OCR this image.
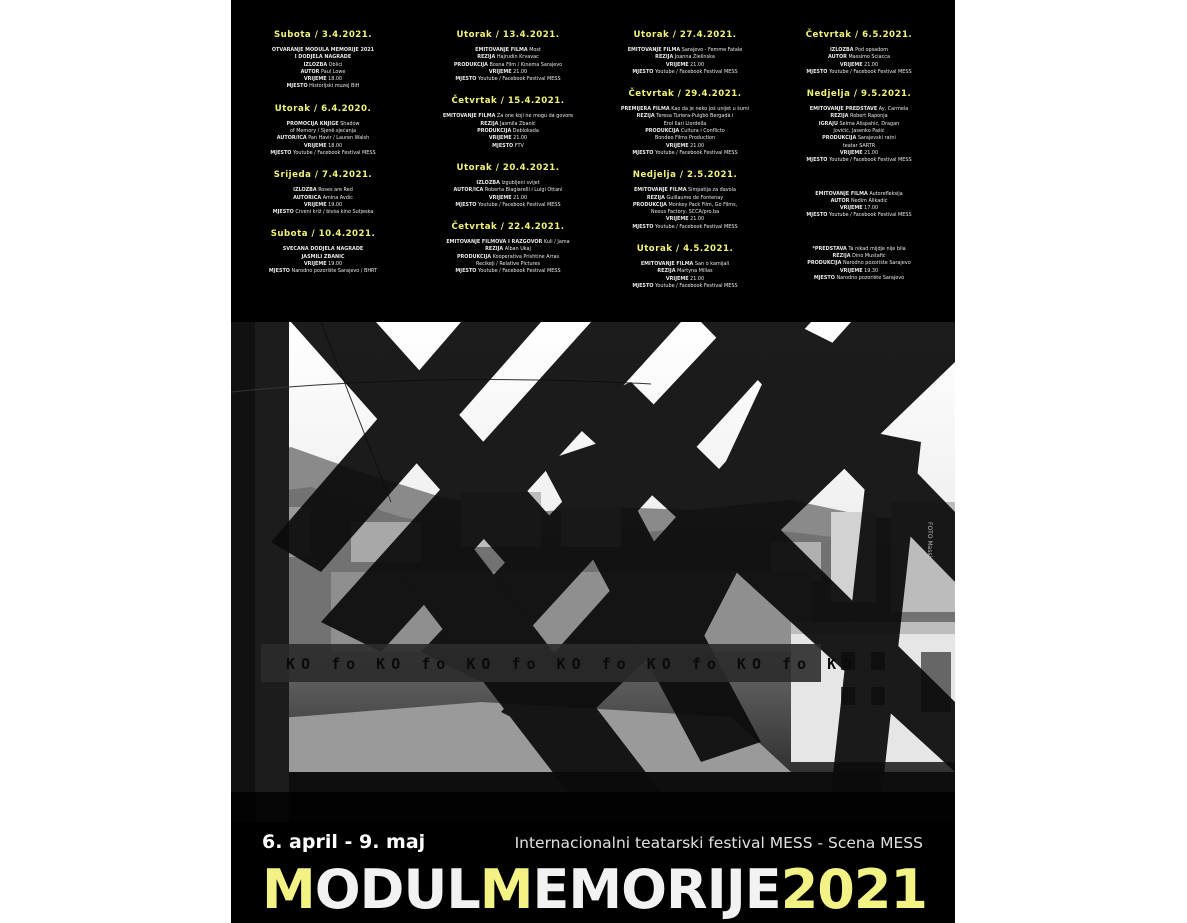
Subota / 3.4.2021.
OTVARANJE MODULA MEMORIJE 2021
I DODJELA NAGRADE
IZLOŽBA Oblici
AUTOR Paul Lowe
VRIJEME 18.00
MJESTO Historijski muzej BiH
Utorak / 6.4.2020.
PROMOCIJA KNJIGE Shadow
of Memory / Sjenë sjećanja
AUTOR/ICA Pan Havir / Lauren Walsh
VRIJEME 18.00
MJESTO Youtube / Facebook Festival MESS
Srijeda / 7.4.2021.
IZLOŽBA Roses are Red
AUTORICA Amina Avdic
VRIJEME 19.00
MJESTO Crveni križ / bivša kino Sutjeska
Subota / 10.4.2021.
SVEČANA DODJELA NAGRADE
JASMILI ŽBANIĆ
VRIJEME 19.00
MJESTO Narodno pozorište Sarajevo / BHRT
Utorak / 13.4.2021.
EMITOVANJE FILMA Most
REŽIJA Hajrudin Krvavac
PRODUKCIJA Bosna Film / Kinema Sarajevo
VRIJEME 21.00
MJESTO Youtube / Facebook Festival MESS
Četvrtak / 15.4.2021.
EMITOVANJE FILMA Za one koji ne mogu da govore
REŽIJA Jasmila Žbanić
PRODUKCIJA Deblokada
VRIJEME 21.00
MJESTO FTV
Utorak / 20.4.2021.
IZLOŽBA Izgubljeni svijet
AUTOR/ICA Roberta Biagiarelli i Luigi Ottani
VRIJEME 21.00
MJESTO Youtube / Facebook Festival MESS
Četvrtak / 22.4.2021.
EMITOVANJE FILMOVA I RAZGOVOR Kuli / Jama
REŽIJA Alban Ukaj
PRODUKCIJA Kooperativa Prishtine Arras
Recikeji / Relative Pictures
MJESTO Youtube / Facebook Festival MESS
Utorak / 27.4.2021.
EMITOVANJE FILMA Sarajevo - Femme Fatale
REŽIJA Joanna Zielinska
VRIJEME 21.00
MJESTO Youtube / Facebook Festival MESS
Četvrtak / 29.4.2021.
PREMIJERA FILMA Kao da je neko još unijet u šumi
REŽIJA Teresa Turiera-Puigbò Bergadà i
Erol Ilari Llordella
PRODUKCIJA Cultura i Conflicto
Bondeo Films Production
VRIJEME 21.00
MJESTO Youtube / Facebook Festival MESS
Nedjelja / 2.5.2021.
EMITOVANJE FILMA Simpatija za đavola
REŽIJA Guillaume de Fontenay
PRODUKCIJA Monkey Pack Film, Go Films,
Nexus Factory, SCCA/pro.ba
VRIJEME 21.00
MJESTO Youtube / Facebook Festival MESS
Utorak / 4.5.2021.
EMITOVANJE FILMA San o kamijali
REŽIJA Martyna Millas
VRIJEME 21.00
MJESTO Youtube / Facebook Festival MESS
Četvrtak / 6.5.2021.
IZLOŽBA Pod opsadom
AUTOR Massimo Sciacca
VRIJEME 21.00
MJESTO Youtube / Facebook Festival MESS
Nedjelja / 9.5.2021.
EMITOVANJE PREDSTAVE Ay, Carmela
REŽIJA Robert Raponja
IGRAJU Selma Alispahić, Dragan
Jovičić, Jasenko Pašić
PRODUKCIJA Sarajevski ratni
teatar SARTR
VRIJEME 21.00
MJESTO Youtube / Facebook Festival MESS
EMITOVANJE FILMA Autorefleksija
AUTOR Nedim Alikadić
VRIJEME 17.00
MJESTO Youtube / Facebook Festival MESS
*PREDSTAVA Ta nikad mijdje nije bila
REŽIJA Dino Mustafić
PRODUKCIJA Narodno pozorište Sarajevo
VRIJEME 19.30
MJESTO Narodno pozorište Sarajevo
KO fo KO fo KO fo KO fo KO fo KO fo KO
FOTO Massimo Sciacca
6. april - 9. maj	Internacionalni teatarski festival MESS - Scena MESS
MODULMEMORIJE2021
